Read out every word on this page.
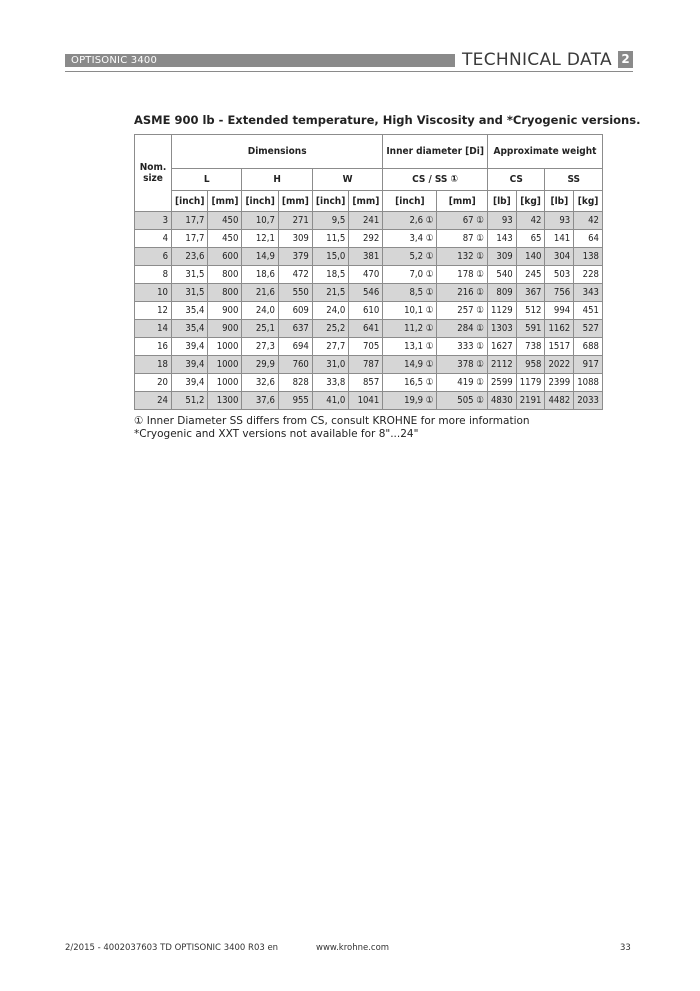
OPTISONIC 3400	TECHNICAL DATA 2
ASME 900 lb - Extended temperature, High Viscosity and *Cryogenic versions.
Nom. size	Dimensions						Inner diameter [Di]		Approximate weight			
	L		H		W		CS / SS ①		CS		SS	
	[inch]	[mm]	[inch]	[mm]	[inch]	[mm]	[inch]	[mm]	[lb]	[kg]	[lb]	[kg]
3	17,7	450	10,7	271	9,5	241	2,6 ①	67 ①	93	42	93	42
4	17,7	450	12,1	309	11,5	292	3,4 ①	87 ①	143	65	141	64
6	23,6	600	14,9	379	15,0	381	5,2 ①	132 ①	309	140	304	138
8	31,5	800	18,6	472	18,5	470	7,0 ①	178 ①	540	245	503	228
10	31,5	800	21,6	550	21,5	546	8,5 ①	216 ①	809	367	756	343
12	35,4	900	24,0	609	24,0	610	10,1 ①	257 ①	1129	512	994	451
14	35,4	900	25,1	637	25,2	641	11,2 ①	284 ①	1303	591	1162	527
16	39,4	1000	27,3	694	27,7	705	13,1 ①	333 ①	1627	738	1517	688
18	39,4	1000	29,9	760	31,0	787	14,9 ①	378 ①	2112	958	2022	917
20	39,4	1000	32,6	828	33,8	857	16,5 ①	419 ①	2599	1179	2399	1088
24	51,2	1300	37,6	955	41,0	1041	19,9 ①	505 ①	4830	2191	4482	2033
① Inner Diameter SS differs from CS, consult KROHNE for more information
*Cryogenic and XXT versions not available for 8"...24"
2/2015 - 4002037603 TD OPTISONIC 3400 R03 en	www.krohne.com	33
